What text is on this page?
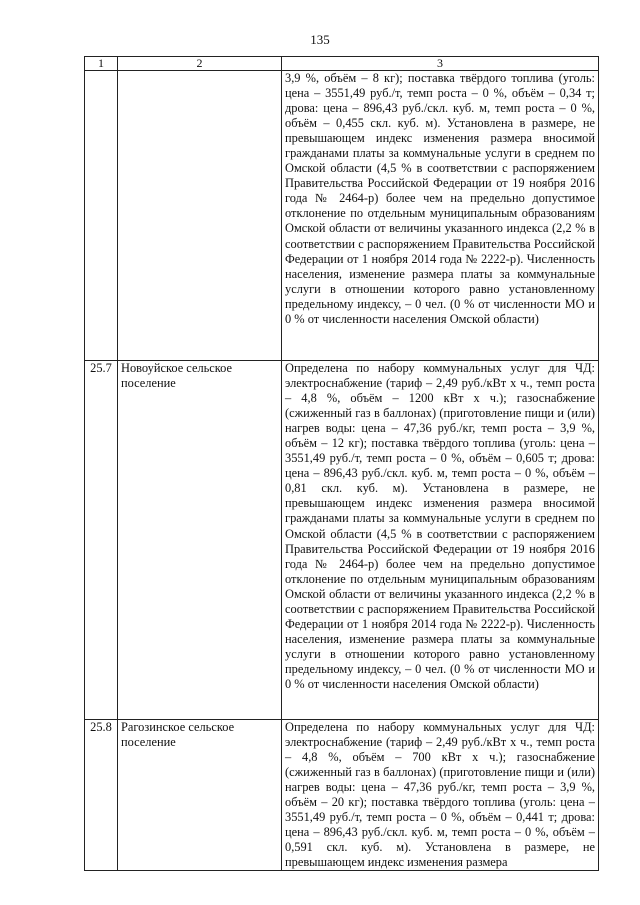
135
1	2	3
		3,9 %, объём – 8 кг); поставка твёрдого топлива (уголь: цена – 3551,49 руб./т, темп роста – 0 %, объём – 0,34 т; дрова: цена – 896,43 руб./скл. куб. м, темп роста – 0 %, объём – 0,455 скл. куб. м). Установлена в размере, не превышающем индекс изменения размера вносимой гражданами платы за коммунальные услуги в среднем по Омской области (4,5 % в соответствии с распоряжением Правительства Российской Федерации от 19 ноября 2016 года № 2464-р) более чем на предельно допустимое отклонение по отдельным муниципальным образованиям Омской области от величины указанного индекса (2,2 % в соответствии с распоряжением Правительства Российской Федерации от 1 ноября 2014 года № 2222-р). Численность населения, изменение размера платы за коммунальные услуги в отношении которого равно установленному предельному индексу, – 0 чел. (0 % от численности МО и 0 % от численности населения Омской области)
25.7	Новоуйское сельское поселение	Определена по набору коммунальных услуг для ЧД: электроснабжение (тариф – 2,49 руб./кВт х ч., темп роста – 4,8 %, объём – 1200 кВт х ч.); газоснабжение (сжиженный газ в баллонах) (приготовление пищи и (или) нагрев воды: цена – 47,36 руб./кг, темп роста – 3,9 %, объём – 12 кг); поставка твёрдого топлива (уголь: цена – 3551,49 руб./т, темп роста – 0 %, объём – 0,605 т; дрова: цена – 896,43 руб./скл. куб. м, темп роста – 0 %, объём – 0,81 скл. куб. м). Установлена в размере, не превышающем индекс изменения размера вносимой гражданами платы за коммунальные услуги в среднем по Омской области (4,5 % в соответствии с распоряжением Правительства Российской Федерации от 19 ноября 2016 года № 2464-р) более чем на предельно допустимое отклонение по отдельным муниципальным образованиям Омской области от величины указанного индекса (2,2 % в соответствии с распоряжением Правительства Российской Федерации от 1 ноября 2014 года № 2222-р). Численность населения, изменение размера платы за коммунальные услуги в отношении которого равно установленному предельному индексу, – 0 чел. (0 % от численности МО и 0 % от численности населения Омской области)
25.8	Рагозинское сельское поселение	Определена по набору коммунальных услуг для ЧД: электроснабжение (тариф – 2,49 руб./кВт х ч., темп роста – 4,8 %, объём – 700 кВт х ч.); газоснабжение (сжиженный газ в баллонах) (приготовление пищи и (или) нагрев воды: цена – 47,36 руб./кг, темп роста – 3,9 %, объём – 20 кг); поставка твёрдого топлива (уголь: цена – 3551,49 руб./т, темп роста – 0 %, объём – 0,441 т; дрова: цена – 896,43 руб./скл. куб. м, темп роста – 0 %, объём – 0,591 скл. куб. м). Установлена в размере, не превышающем индекс изменения размера
